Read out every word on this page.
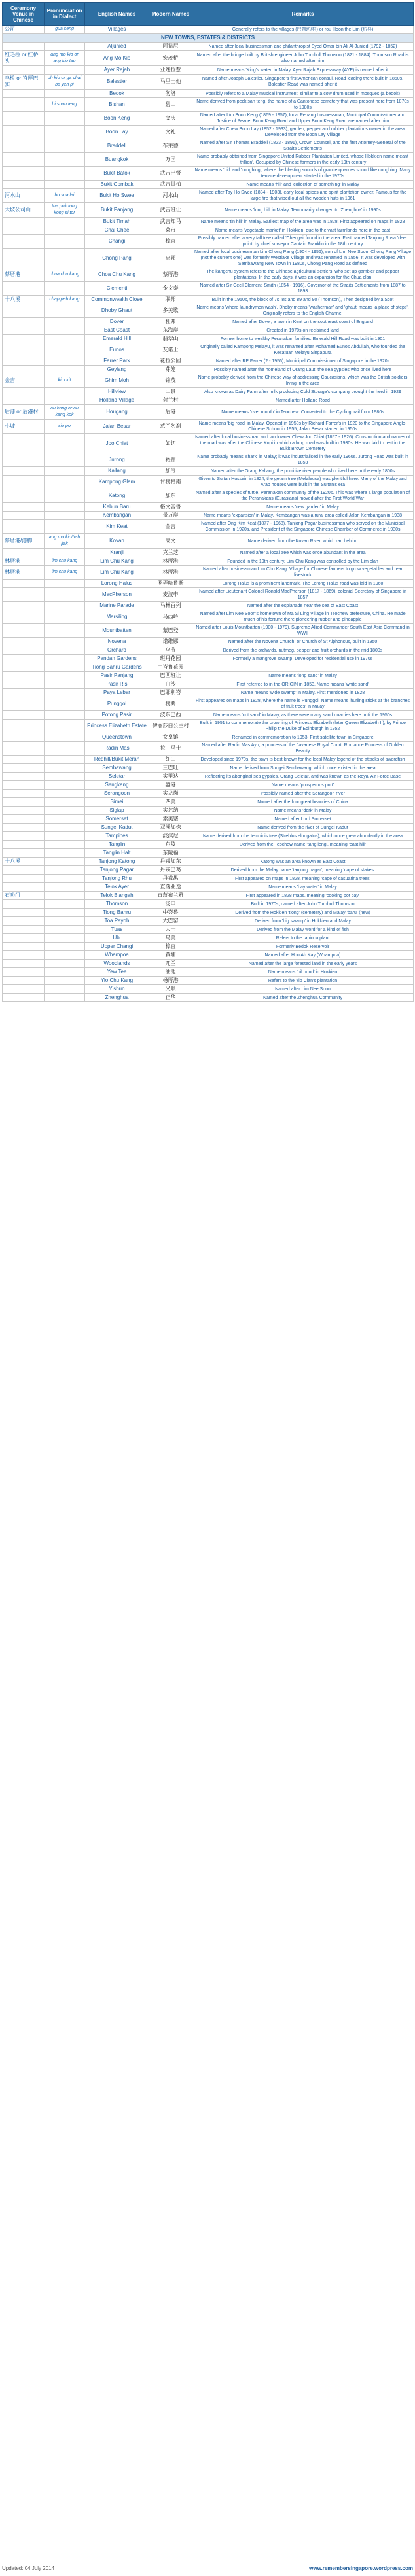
Ceremony Venue in Chinese	Pronunciation in Dialect	English Names	Modern Names	Remarks
公司	gua seng	Villages		Generally refers to the villages (巴刹坊/村) or rou Hoon the Lim (坊县)
NEW TOWNS, ESTATES & DISTRICTS				
		Aljunied	阿裕尼	Named after local businessman and philanthropist Syed Omar bin Ali Al-Junied (1792 - 1852)
红毛桥 or 红桥头	ang mo kio or ang kio tau	Ang Mo Kio	宏茂桥	Named after the bridge built by British engineer John Turnbull Thomson (1821 - 1884). Thomson Road is also named after him
		Ayer Rajah	亚逸拉惹	Name means 'King's water' in Malay. Ayer Rajah Expressway (AYE) is named after it
乌桥 or 峇厘巴实	oh kio or ga chai ba yeh pi	Balestier	马里士他	Named after Joseph Balestier, Singapore's first American consul. Road leading there built in 1850s, Balestier Road was named after it
		Bedok	勿洛	Possibly refers to a Malay musical instrument, similar to a cow drum used in mosques (a bedok)
	bi shan teng	Bishan	碧山	Name derived from peck san teng, the name of a Cantonese cemetery that was present here from 1870s to 1980s
		Boon Keng	文庆	Named after Lim Boon Keng (1869 - 1957), local Penang businessman, Municipal Commissioner and Justice of Peace. Boon Keng Road and Upper Boon Keng Road are named after him
		Boon Lay	文礼	Named after Chew Boon Lay (1852 - 1933), garden, pepper and rubber plantations owner in the area. Developed from the Boon Lay Village
		Braddell	布莱德	Named after Sir Thomas Braddell (1823 - 1891), Crown Counsel, and the first Attorney-General of the Straits Settlements
		Buangkok	万国	Name probably obtained from Singapore United Rubber Plantation Limited, whose Hokkien name meant 'trillion'. Occupied by Chinese farmers in the early 19th century
		Bukit Batok	武吉巴督	Name means 'hill' and 'coughing', where the blasting sounds of granite quarries sound like coughing. Many terrace development started in the 1970s
		Bukit Gombak	武吉甘柏	Name means 'hill' and 'collection of something' in Malay
河水山	ho sua lai	Bukit Ho Swee	河水山	Named after Tay Ho Swee (1834 - 1903), early local spices and spirit plantation owner. Famous for the large fire that wiped out all the wooden huts in 1961
大坡公司山	tua pok tong kong si tor	Bukit Panjang	武吉班让	Name means 'long hill' in Malay. Temporarily changed to 'Zhenghua' in 1990s
		Bukit Timah	武吉知马	Name means 'tin hill' in Malay. Earliest map of the area was in 1828. First appeared on maps in 1828
		Chai Chee	菜市	Name means 'vegetable market' in Hokkien, due to the vast farmlands here in the past
		Changi	樟宜	Possibly named after a very tall tree called 'Chengai' found in the area. First named Tanjong Rusa 'deer point' by chief surveyor Captain Franklin in the 18th century
		Chong Pang	忠邦	Named after local businessman Lim Chong Pang (1904 - 1956), son of Lim Nee Soon. Chong Pang Village (not the current one) was formerly Westlake Village and was renamed in 1956. It was developed with Sembawang New Town in 1980s, Chong Pang Road as defined
蔡厝港	chua chu kang	Choa Chu Kang	蔡厝港	The kangchu system refers to the Chinese agricultural settlers, who set up gambier and pepper plantations. In the early days, it was an expansion for the Chua clan
		Clementi	金文泰	Named after Sir Cecil Clementi Smith (1854 - 1916), Governor of the Straits Settlements from 1887 to 1893
十八溪	chap peh kang	Commonwealth Close	联邦	Built in the 1950s, the block of 7s, 8s and 89 and 90 (Thomson), Then designed by a Scot
		Dhoby Ghaut	多美歌	Name means 'where laundrymen wash', Dhoby means 'washerman' and 'ghaut' means 'a place of steps'. Originally refers to the English Channel
		Dover	杜弗	Named after Dover, a town in Kent on the southeast coast of England
		East Coast	东海岸	Created in 1970s on reclaimed land
		Emerald Hill	翡翠山	Former home to wealthy Peranakan families. Emerald Hill Road was built in 1901
		Eunos	友诺士	Originally called Kampong Melayu, it was renamed after Mohamed Eunos Abdullah, who founded the Kesatuan Melayu Singapura
		Farrer Park	花拉公园	Named after RP Farrer (? - 1956), Municipal Commissioner of Singapore in the 1920s
		Geylang	芽笼	Possibly named after the homeland of Orang Laut, the sea gypsies who once lived here
金吉	kim kit	Ghim Moh	锦茂	Name probably derived from the Chinese way of addressing Caucasians, which was the British soldiers living in the area
		Hillview	山景	Also known as Dairy Farm after milk producing Cold Storage's company brought the herd in 1929
		Holland Village	荷兰村	Named after Holland Road
后港 or 后港村	au kang or au kang kok	Hougang	后港	Name means 'river mouth' in Teochew. Converted to the Cycling trail from 1980s
小坡	sio po	Jalan Besar	惹兰勿刹	Name means 'big road' in Malay. Opened in 1950s by Richard Farrer's in 1920 to the Singapore Anglo-Chinese School in 1955, Jalan Besar started in 1950s
		Joo Chiat	如切	Named after local businessman and landowner Chew Joo Chiat (1857 - 1926). Construction and names of the road was after the Chinese Kopi in which a long road was built in 1930s. He was laid to rest in the Bukit Brown Cemetery
		Jurong	裕廊	Name probably means 'shark' in Malay; it was industrialised in the early 1960s. Jurong Road was built in 1853
		Kallang	加冷	Named after the Orang Kallang, the primitive river people who lived here in the early 1800s
		Kampong Glam	甘榜格南	Given to Sultan Hussein in 1824; the gelam tree (Melaleuca) was plentiful here. Many of the Malay and Arab houses were built in the Sultan's era
		Katong	加东	Named after a species of turtle. Peranakan community of the 1920s. This was where a large population of the Peranakans (Eurasians) moved after the First World War
		Kebun Baru	格文峇鲁	Name means 'new garden' in Malay
		Kembangan	景万岸	Name means 'expansion' in Malay. Kembangan was a rural area called Jalan Kembangan in 1938
		Kim Keat	金吉	Named after Ong Kim Keat (1877 - 1968), Tanjong Pagar businessman who served on the Municipal Commission in 1920s, and President of the Singapore Chinese Chamber of Commerce in 1930s
蔡厝港/港脚	ang mo kio/tiah jiak	Kovan	高文	Name derived from the Kovan River, which ran behind
		Kranji	克兰芝	Named after a local tree which was once abundant in the area
林厝港	lim chu kang	Lim Chu Kang	林厝港	Founded in the 19th century, Lim Chu Kang was controlled by the Lim clan
林厝港	lim chu kang	Lim Chu Kang	林厝港	Named after businessman Lim Chu Kang. Village for Chinese farmers to grow vegetables and rear livestock
		Lorong Halus	罗弄哈鲁斯	Lorong Halus is a prominent landmark. The Lorong Halus road was laid in 1960
		MacPherson	麦波申	Named after Lieutenant Colonel Ronald MacPherson (1817 - 1869), colonial Secretary of Singapore in 1857
		Marine Parade	马林百列	Named after the esplanade near the sea of East Coast
		Marsiling	马西岭	Named after Lim Nee Soon's hometown of Ma Si Ling Village in Teochew prefecture, China. He made much of his fortune there pioneering rubber and pineapple
		Mountbatten	蒙巴登	Named after Louis Mountbatten (1900 - 1979), Supreme Allied Commander South East Asia Command in WWII
		Novena	诺维娜	Named after the Novena Church, or Church of St Alphonsus, built in 1950
		Orchard	乌节	Derived from the orchards, nutmeg, pepper and fruit orchards in the mid 1800s
		Pandan Gardens	班丹花园	Formerly a mangrove swamp. Developed for residential use in 1970s
		Tiong Bahru Gardens	中峇鲁花园	
		Pasir Panjang	巴西班让	Name means 'long sand' in Malay
		Pasir Ris	白沙	First referred to in the ORIGIN in 1853. Name means 'white sand'
		Paya Lebar	巴耶利峇	Name means 'wide swamp' in Malay. First mentioned in 1828
		Punggol	榜鹅	First appeared on maps in 1828, where the name is Punggol. Name means 'hurling sticks at the branches of fruit trees' in Malay
		Potong Pasir	波东巴西	Name means 'cut sand' in Malay, as there were many sand quarries here until the 1950s
		Princess Elizabeth Estate	伊丽莎白公主村	Built in 1951 to commemorate the crowning of Princess Elizabeth (later Queen Elizabeth II), by Prince Philip the Duke of Edinburgh in 1952
		Queenstown	女皇镇	Renamed in commemoration to 1953. First satellite town in Singapore
		Radin Mas	拉丁马士	Named after Radin Mas Ayu, a princess of the Javanese Royal Court. Romance Princess of Golden Beauty
		Redhill/Bukit Merah	红山	Developed since 1970s, the town is best known for the local Malay legend of the attacks of swordfish
		Sembawang	三巴旺	Name derived from Sungei Sembawang, which once existed in the area
		Seletar	实里达	Reflecting its aboriginal sea gypsies, Orang Seletar, and was known as the Royal Air Force Base
		Sengkang	盛港	Name means 'prosperous port'
		Serangoon	实龙岗	Possibly named after the Serangoon river
		Simei	四美	Named after the four great beauties of China
		Siglap	实乞纳	Name means 'dark' in Malay
		Somerset	索美塞	Named after Lord Somerset
		Sungei Kadut	双溪加株	Name derived from the river of Sungei Kadut
		Tampines	淡滨尼	Name derived from the tempinis tree (Streblus elongatus), which once grew abundantly in the area
		Tanglin	东陵	Derived from the Teochew name 'tang leng', meaning 'east hill'
		Tanglin Halt	东陵福	
十八溪		Tanjong Katong	丹戎加东	Katong was an area known as East Coast
		Tanjong Pagar	丹戎巴葛	Derived from the Malay name 'tanjung pagar', meaning 'cape of stakes'
		Tanjong Rhu	丹戎禺	First appeared on maps in 1828, meaning 'cape of casuarina trees'
		Telok Ayer	直落亚逸	Name means 'bay water' in Malay
石叻门		Telok Blangah	直落布兰雅	First appeared in 1828 maps, meaning 'cooking pot bay'
		Thomson	汤申	Built in 1970s, named after John Turnbull Thomson
		Tiong Bahru	中峇鲁	Derived from the Hokkien 'tiong' (cemetery) and Malay 'baru' (new)
		Toa Payoh	大巴窑	Derived from 'big swamp' in Hokkien and Malay
		Tuas	大士	Derived from the Malay word for a kind of fish
		Ubi	乌美	Refers to the tapioca plant
		Upper Changi	樟宜	Formerly Bedok Reservoir
		Whampoa	黄埔	Named after Hoo Ah Kay (Whampoa)
		Woodlands	兀兰	Named after the large forested land in the early years
		Yew Tee	油池	Name means 'oil pond' in Hokkien
		Yio Chu Kang	杨厝港	Refers to the Yio Clan's plantation
		Yishun	义顺	Named after Lim Nee Soon
		Zhenghua	正华	Named after the Zhenghua Community
Updated: 04 July 2014	www.remembersingapore.wordpress.com
